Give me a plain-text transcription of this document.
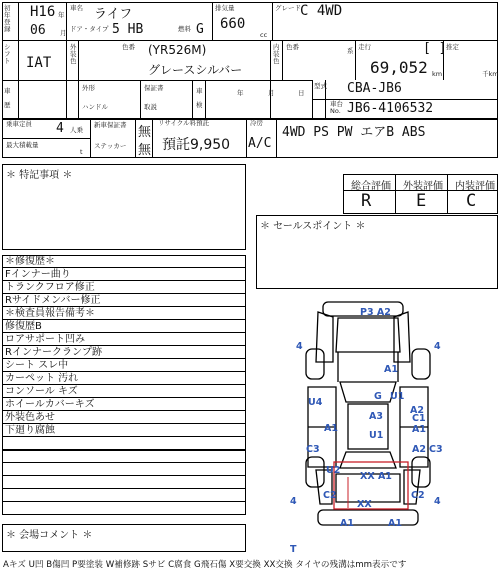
初年
登録
H16 年
06 月
車名 ライフ
ドア・タイプ 5 HB	燃料 G
排気量
660
cc
グレード C 4WD
シフト IAT
外装色
色番 (YR526M)
グレースシルバー
内装色
色番	系 走行	[ ]
69,052 km
推定
千km
車歴
外形
ハンドル
保証書
取説
車検
年	月	日
型式 CBA-JB6
車台
No. JB6-4106532
乗車定員 4 人乗
最大積載量
t
新車保証書 無
ステッカー 無
リサイクル料預託
預託9,950
冷房
A/C
4WD PS PW エアB ABS
＊ 特記事項 ＊
総合評価 外装評価 内装評価
R	E C
＊ セールスポイント ＊
＊修復歴＊
Fインナー曲り
トランクフロア修正
Rサイドメンバー修正
＊検査員報告備考＊
修復歴B
ロアサポート凹み
Rインナークランプ跡
シート スレ中
カーペット 汚れ
コンソール キズ
ホイールカバーキズ
外装色あせ
下廻り腐蝕
＊ 会場コメント ＊
Aキズ U凹 B傷凹 P要塗装 W補修跡 Sサビ C腐食 G飛石傷 X要交換 XX交換 タイヤの残溝はmm表示です
P3 A2
A1
G U1
U4
A3
A1
U1
A2
C1
A1
C3	A2 C3
U2
XX A1
C2
XX
C2
A1	A1
4	4
4	4
T
